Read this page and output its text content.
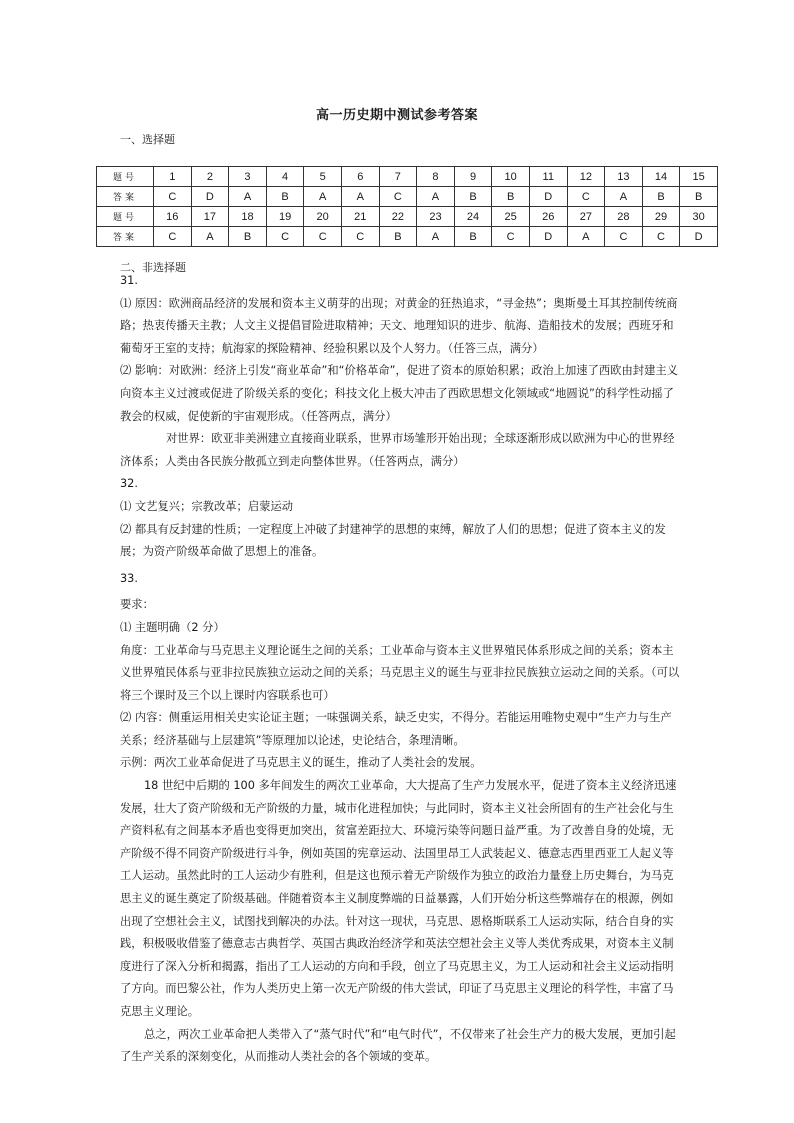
高一历史期中测试参考答案
一、选择题
题号	1	2	3	4	5	6	7	8	9	10	11	12	13	14	15
答案	C	D	A	B	A	A	C	A	B	B	D	C	A	B	B
题号	16	17	18	19	20	21	22	23	24	25	26	27	28	29	30
答案	C	A	B	C	C	C	B	A	B	C	D	A	C	C	D
二、非选择题

31.

⑴ 原因：欧洲商品经济的发展和资本主义萌芽的出现；对黄金的狂热追求，“寻金热”；奥斯曼土耳其控制传统商路；热衷传播天主教；人文主义提倡冒险进取精神；天文、地理知识的进步、航海、造船技术的发展；西班牙和葡萄牙王室的支持；航海家的探险精神、经验积累以及个人努力。（任答三点，满分）

⑵ 影响：对欧洲：经济上引发“商业革命”和“价格革命”，促进了资本的原始积累；政治上加速了西欧由封建主义向资本主义过渡或促进了阶级关系的变化；科技文化上极大冲击了西欧思想文化领域或“地圆说”的科学性动摇了教会的权威，促使新的宇宙观形成。（任答两点，满分）

对世界：欧亚非美洲建立直接商业联系，世界市场雏形开始出现；全球逐渐形成以欧洲为中心的世界经济体系；人类由各民族分散孤立到走向整体世界。（任答两点，满分）

32.

⑴ 文艺复兴；宗教改革；启蒙运动

⑵ 都具有反封建的性质；一定程度上冲破了封建神学的思想的束缚，解放了人们的思想；促进了资本主义的发展；为资产阶级革命做了思想上的准备。

33.

要求：

⑴ 主题明确（2 分）

角度：工业革命与马克思主义理论诞生之间的关系；工业革命与资本主义世界殖民体系形成之间的关系；资本主义世界殖民体系与亚非拉民族独立运动之间的关系；马克思主义的诞生与亚非拉民族独立运动之间的关系。（可以将三个课时及三个以上课时内容联系也可）

⑵ 内容：侧重运用相关史实论证主题；一味强调关系，缺乏史实，不得分。若能运用唯物史观中“生产力与生产关系；经济基础与上层建筑”等原理加以论述，史论结合，条理清晰。

示例：两次工业革命促进了马克思主义的诞生，推动了人类社会的发展。

18 世纪中后期的 100 多年间发生的两次工业革命，大大提高了生产力发展水平，促进了资本主义经济迅速发展，壮大了资产阶级和无产阶级的力量，城市化进程加快；与此同时，资本主义社会所固有的生产社会化与生产资料私有之间基本矛盾也变得更加突出，贫富差距拉大、环境污染等问题日益严重。为了改善自身的处境，无产阶级不得不同资产阶级进行斗争，例如英国的宪章运动、法国里昂工人武装起义、德意志西里西亚工人起义等工人运动。虽然此时的工人运动少有胜利，但是这也预示着无产阶级作为独立的政治力量登上历史舞台，为马克思主义的诞生奠定了阶级基础。伴随着资本主义制度弊端的日益暴露，人们开始分析这些弊端存在的根源，例如出现了空想社会主义，试图找到解决的办法。针对这一现状，马克思、恩格斯联系工人运动实际，结合自身的实践，积极吸收借鉴了德意志古典哲学、英国古典政治经济学和英法空想社会主义等人类优秀成果，对资本主义制度进行了深入分析和揭露，指出了工人运动的方向和手段，创立了马克思主义，为工人运动和社会主义运动指明了方向。而巴黎公社，作为人类历史上第一次无产阶级的伟大尝试，印证了马克思主义理论的科学性，丰富了马克思主义理论。

总之，两次工业革命把人类带入了“蒸气时代”和“电气时代”，不仅带来了社会生产力的极大发展，更加引起了生产关系的深刻变化，从而推动人类社会的各个领域的变革。
